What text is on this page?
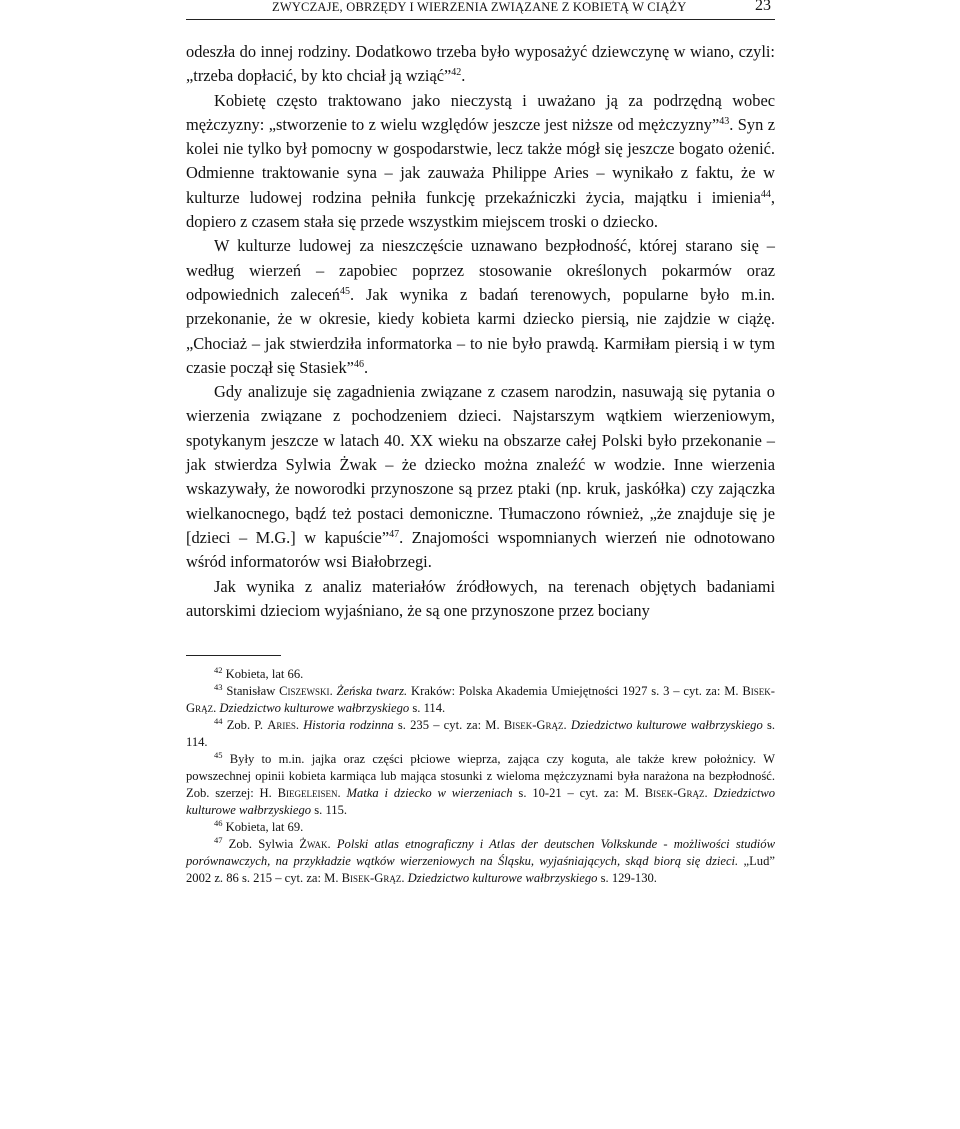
ZWYCZAJE, OBRZĘDY I WIERZENIA ZWIĄZANE Z KOBIETĄ W CIĄŻY	23

odeszła do innej rodziny. Dodatkowo trzeba było wyposażyć dziewczynę w wiano, czyli: „trzeba dopłacić, by kto chciał ją wziąć”$^{42}$.

Kobietę często traktowano jako nieczystą i uważano ją za podrzędną wobec mężczyzny: „stworzenie to z wielu względów jeszcze jest niższe od mężczyzny”$^{43}$. Syn z kolei nie tylko był pomocny w gospodarstwie, lecz także mógł się jeszcze bogato ożenić. Odmienne traktowanie syna – jak zauważa Philippe Aries – wynikało z faktu, że w kulturze ludowej rodzina pełniła funkcję przekaźniczki życia, majątku i imienia$^{44}$, dopiero z czasem stała się przede wszystkim miejscem troski o dziecko.

W kulturze ludowej za nieszczęście uznawano bezpłodność, której starano się – według wierzeń – zapobiec poprzez stosowanie określonych pokarmów oraz odpowiednich zaleceń$^{45}$. Jak wynika z badań terenowych, popularne było m.in. przekonanie, że w okresie, kiedy kobieta karmi dziecko piersią, nie zajdzie w ciążę. „Chociaż – jak stwierdziła informatorka – to nie było prawdą. Karmiłam piersią i w tym czasie począł się Stasiek”$^{46}$.

Gdy analizuje się zagadnienia związane z czasem narodzin, nasuwają się pytania o wierzenia związane z pochodzeniem dzieci. Najstarszym wątkiem wierzeniowym, spotykanym jeszcze w latach 40. XX wieku na obszarze całej Polski było przekonanie – jak stwierdza Sylwia Żwak – że dziecko można znaleźć w wodzie. Inne wierzenia wskazywały, że noworodki przynoszone są przez ptaki (np. kruk, jaskółka) czy zajączka wielkanocnego, bądź też postaci demoniczne. Tłumaczono również, „że znajduje się je [dzieci – M.G.] w kapuście”$^{47}$. Znajomości wspomnianych wierzeń nie odnotowano wśród informatorów wsi Białobrzegi.

Jak wynika z analiz materiałów źródłowych, na terenach objętych badaniami autorskimi dzieciom wyjaśniano, że są one przynoszone przez bociany

$^{42}$ Kobieta, lat 66.

$^{43}$ Stanisław Ciszewski. Żeńska twarz. Kraków: Polska Akademia Umiejętności 1927 s. 3 – cyt. za: M. Bisek-Grąz. Dziedzictwo kulturowe wałbrzyskiego s. 114.

$^{44}$ Zob. P. Aries. Historia rodzinna s. 235 – cyt. za: M. Bisek-Grąz. Dziedzictwo kulturowe wałbrzyskiego s. 114.

$^{45}$ Były to m.in. jajka oraz części płciowe wieprza, zająca czy koguta, ale także krew położnicy. W powszechnej opinii kobieta karmiąca lub mająca stosunki z wieloma mężczyznami była narażona na bezpłodność. Zob. szerzej: H. Biegeleisen. Matka i dziecko w wierzeniach s. 10-21 – cyt. za: M. Bisek-Grąz. Dziedzictwo kulturowe wałbrzyskiego s. 115.

$^{46}$ Kobieta, lat 69.

$^{47}$ Zob. Sylwia Żwak. Polski atlas etnograficzny i Atlas der deutschen Volkskunde - możliwości studiów porównawczych, na przykładzie wątków wierzeniowych na Śląsku, wyjaśniających, skąd biorą się dzieci. „Lud” 2002 z. 86 s. 215 – cyt. za: M. Bisek-Grąz. Dziedzictwo kulturowe wałbrzyskiego s. 129-130.
